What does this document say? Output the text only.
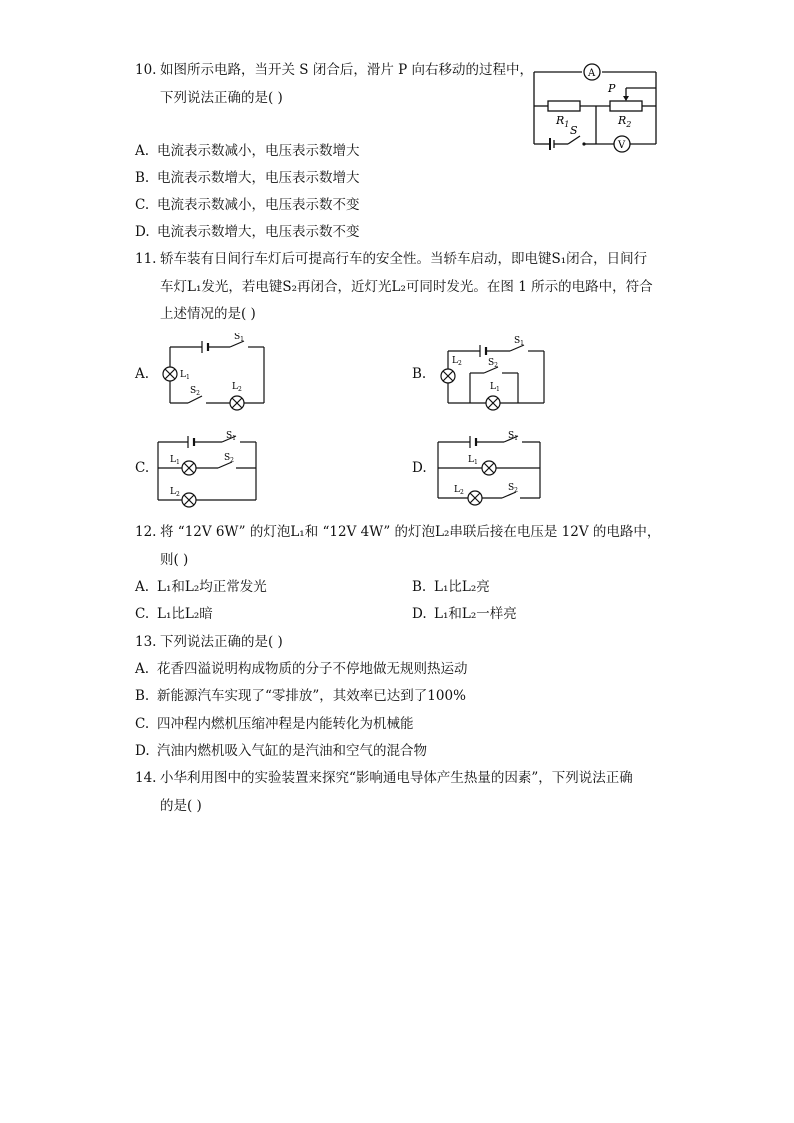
10. 如图所示电路，当开关 S 闭合后，滑片 P 向右移动的过程中，
下列说法正确的是( )
A
V
P
$R_1$	$R_2$
S
A. 电流表示数减小，电压表示数增大
B. 电流表示数增大，电压表示数增大
C. 电流表示数减小，电压表示数不变
D. 电流表示数增大，电压表示数不变
11. 轿车装有日间行车灯后可提高行车的安全性。当轿车启动，即电键S₁闭合，日间行
车灯L₁发光，若电键S₂再闭合，近灯光L₂可同时发光。在图 1 所示的电路中，符合
上述情况的是( )
A.	B.
C.	D.
$S_1$
$L_1$
$S_2$
$L_2$
$S_1$
$L_2$	$S_2$
$L_1$
$S_1$
$L_1$	$S_2$
$L_2$
$S_1$
$L_1$
$L_2$	$S_2$
12. 将 “12V 6W” 的灯泡L₁和 “12V 4W” 的灯泡L₂串联后接在电压是 12V 的电路中，
则( )
A. L₁和L₂均正常发光	B. L₁比L₂亮
C. L₁比L₂暗	D. L₁和L₂一样亮
13. 下列说法正确的是( )
A. 花香四溢说明构成物质的分子不停地做无规则热运动
B. 新能源汽车实现了“零排放”，其效率已达到了100%
C. 四冲程内燃机压缩冲程是内能转化为机械能
D. 汽油内燃机吸入气缸的是汽油和空气的混合物
14. 小华利用图中的实验装置来探究“影响通电导体产生热量的因素”，下列说法正确
的是( )
